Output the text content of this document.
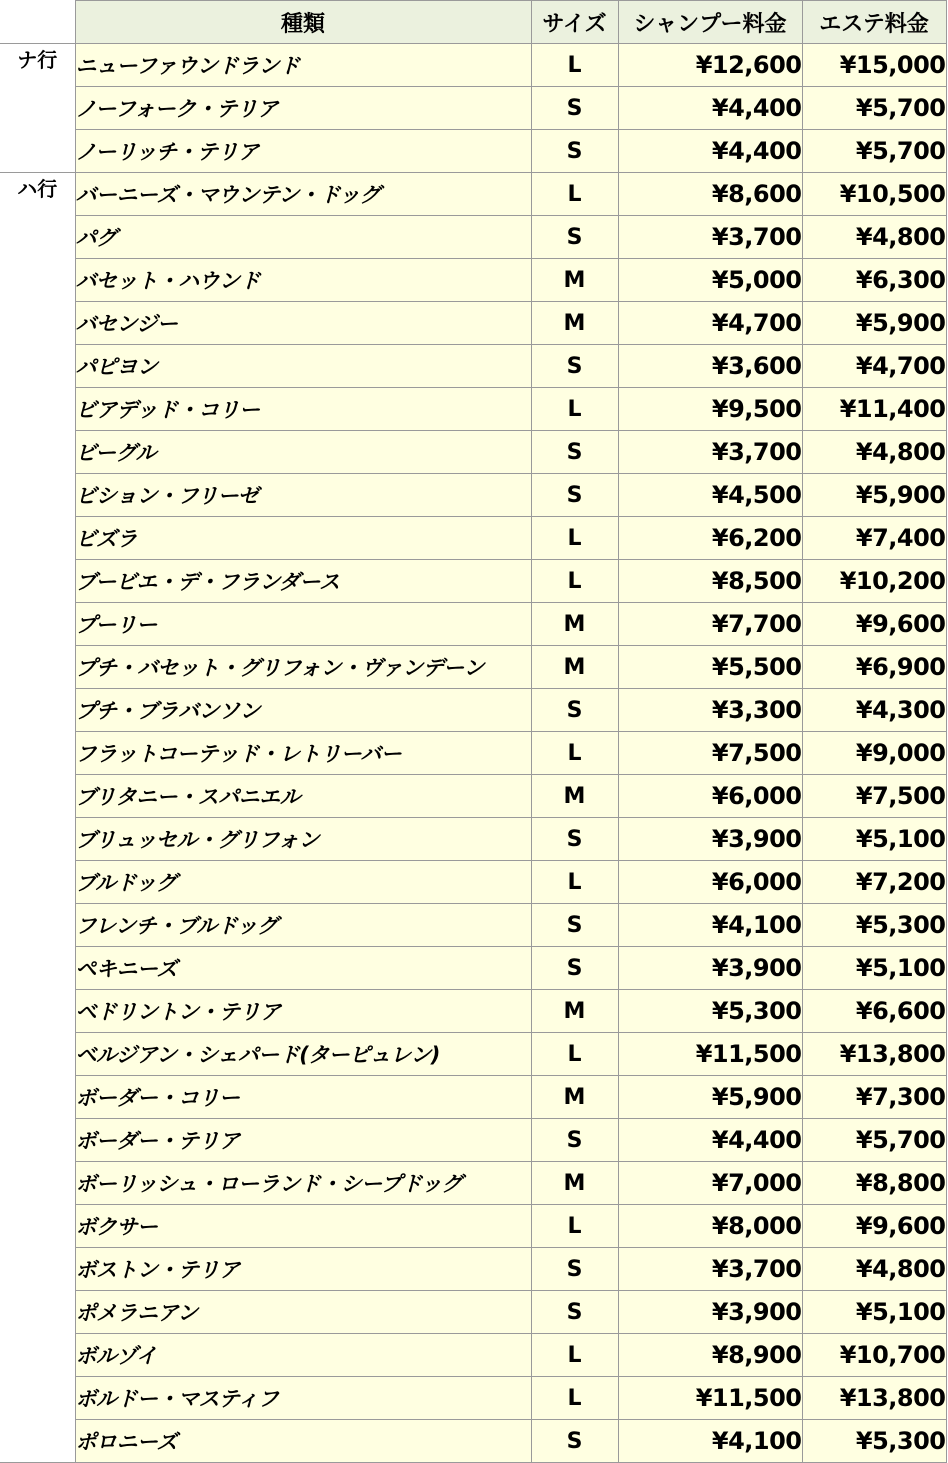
	種類	サイズ	シャンプー料金	エステ料金
ナ行	ニューファウンドランド	L	¥12,600	¥15,000
	ノーフォーク・テリア	S	¥4,400	¥5,700
	ノーリッチ・テリア	S	¥4,400	¥5,700
ハ行	バーニーズ・マウンテン・ドッグ	L	¥8,600	¥10,500
	パグ	S	¥3,700	¥4,800
	バセット・ハウンド	M	¥5,000	¥6,300
	バセンジー	M	¥4,700	¥5,900
	パピヨン	S	¥3,600	¥4,700
	ビアデッド・コリー	L	¥9,500	¥11,400
	ビーグル	S	¥3,700	¥4,800
	ビション・フリーゼ	S	¥4,500	¥5,900
	ビズラ	L	¥6,200	¥7,400
	ブービエ・デ・フランダース	L	¥8,500	¥10,200
	プーリー	M	¥7,700	¥9,600
	プチ・バセット・グリフォン・ヴァンデーン	M	¥5,500	¥6,900
	プチ・ブラバンソン	S	¥3,300	¥4,300
	フラットコーテッド・レトリーバー	L	¥7,500	¥9,000
	ブリタニー・スパニエル	M	¥6,000	¥7,500
	ブリュッセル・グリフォン	S	¥3,900	¥5,100
	ブルドッグ	L	¥6,000	¥7,200
	フレンチ・ブルドッグ	S	¥4,100	¥5,300
	ペキニーズ	S	¥3,900	¥5,100
	ベドリントン・テリア	M	¥5,300	¥6,600
	ベルジアン・シェパード(ターピュレン)	L	¥11,500	¥13,800
	ボーダー・コリー	M	¥5,900	¥7,300
	ボーダー・テリア	S	¥4,400	¥5,700
	ボーリッシュ・ローランド・シープドッグ	M	¥7,000	¥8,800
	ボクサー	L	¥8,000	¥9,600
	ボストン・テリア	S	¥3,700	¥4,800
	ポメラニアン	S	¥3,900	¥5,100
	ボルゾイ	L	¥8,900	¥10,700
	ボルドー・マスティフ	L	¥11,500	¥13,800
	ポロニーズ	S	¥4,100	¥5,300
